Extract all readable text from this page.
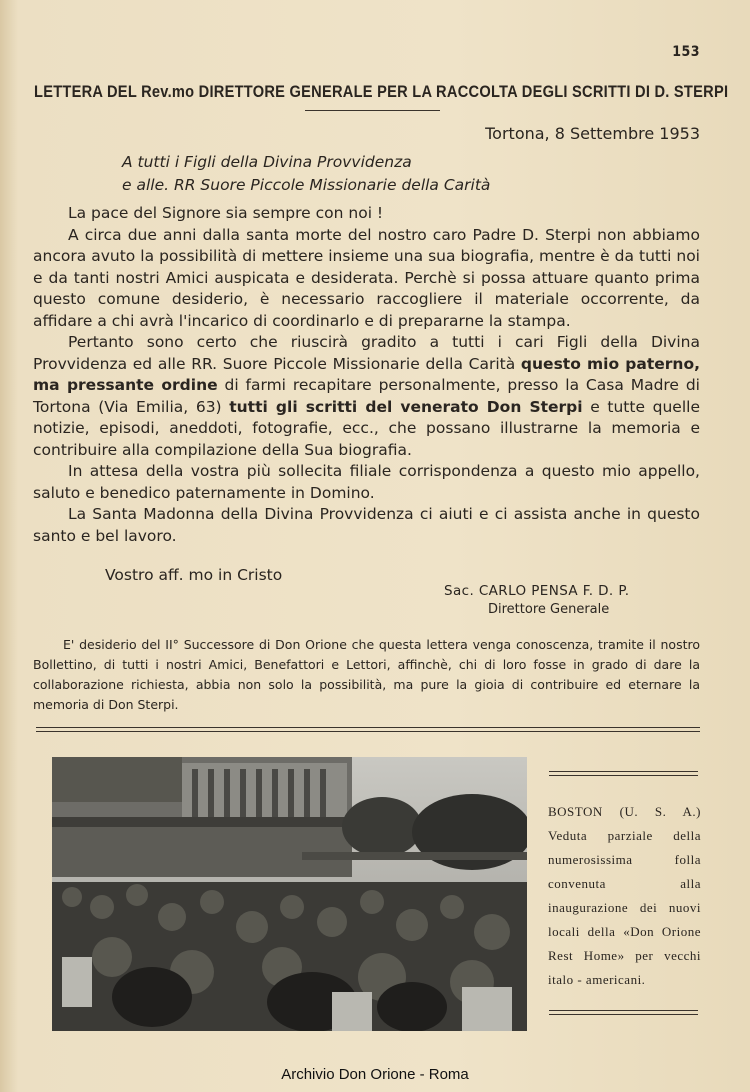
153
LETTERA DEL Rev.mo DIRETTORE GENERALE PER LA RACCOLTA DEGLI SCRITTI DI D. STERPI
Tortona, 8 Settembre 1953
A tutti i Figli della Divina Provvidenza
e alle. RR Suore Piccole Missionarie della Carità

La pace del Signore sia sempre con noi !

A circa due anni dalla santa morte del nostro caro Padre D. Sterpi non abbiamo ancora avuto la possibilità di mettere insieme una sua biografia, mentre è da tutti noi e da tanti nostri Amici auspicata e desiderata. Perchè si possa attuare quanto prima questo comune desiderio, è necessario raccogliere il materiale occorrente, da affidare a chi avrà l'incarico di coordinarlo e di prepararne la stampa.

Pertanto sono certo che riuscirà gradito a tutti i cari Figli della Divina Provvidenza ed alle RR. Suore Piccole Missionarie della Carità questo mio paterno, ma pressante ordine di farmi recapitare personalmente, presso la Casa Madre di Tortona (Via Emilia, 63) tutti gli scritti del venerato Don Sterpi e tutte quelle notizie, episodi, aneddoti, fotografie, ecc., che possano illustrarne la memoria e contribuire alla compilazione della Sua biografia.

In attesa della vostra più sollecita filiale corrispondenza a questo mio appello, saluto e benedico paternamente in Domino.

La Santa Madonna della Divina Provvidenza ci aiuti e ci assista anche in questo santo e bel lavoro.

Vostro aff. mo in Cristo
Sac. CARLO PENSA F. D. P.
Direttore Generale

E' desiderio del II° Successore di Don Orione che questa lettera venga conoscenza, tramite il nostro Bollettino, di tutti i nostri Amici, Benefattori e Lettori, affinchè, chi di loro fosse in grado di dare la collaborazione richiesta, abbia non solo la possibilità, ma pure la gioia di contribuire ed eternare la memoria di Don Sterpi.

BOSTON (U. S. A.) Veduta parziale della numerosissima folla convenuta alla inaugurazione dei nuovi locali della «Don Orione Rest Home» per vecchi italo - americani.
Archivio Don Orione - Roma
